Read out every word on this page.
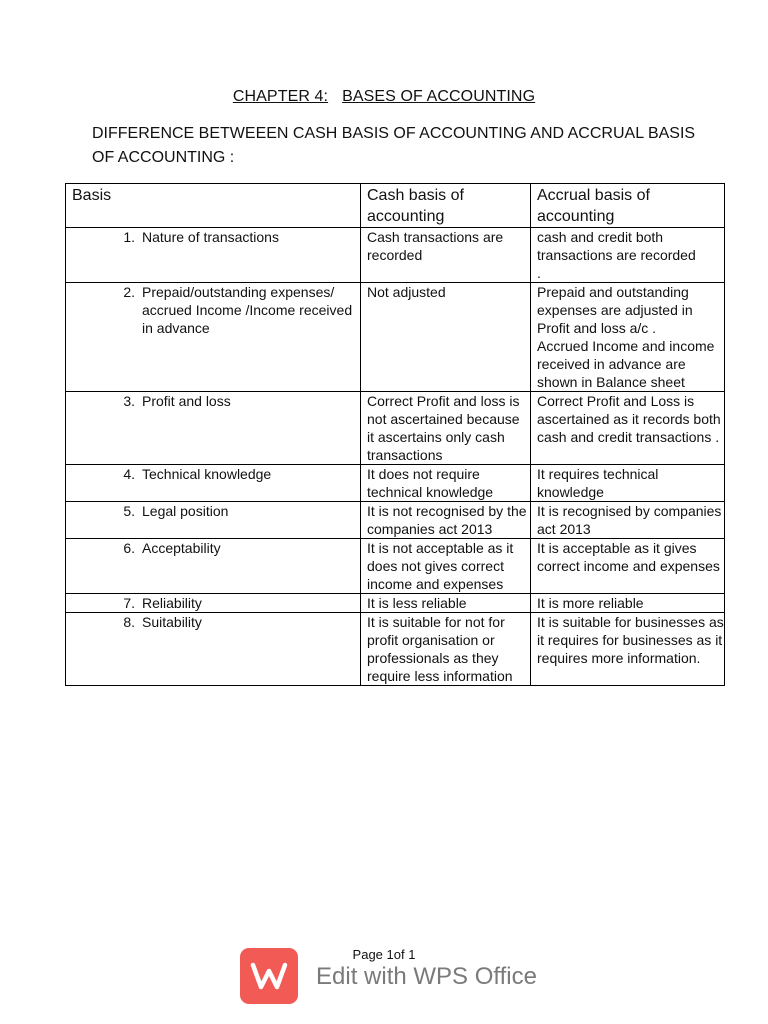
CHAPTER 4: BASES OF ACCOUNTING
DIFFERENCE BETWEEEN CASH BASIS OF ACCOUNTING AND ACCRUAL BASIS OF ACCOUNTING :
Basis	Cash basis of accounting	Accrual basis of accounting

1. Nature of transactions	Cash transactions are recorded	cash and credit both transactions are recorded
.

2. Prepaid/outstanding expenses/ accrued Income /Income received in advance	Not adjusted	Prepaid and outstanding expenses are adjusted in Profit and loss a/c .
Accrued Income and income received in advance are shown in Balance sheet

3. Profit and loss	Correct Profit and loss is not ascertained because it ascertains only cash transactions	Correct Profit and Loss is ascertained as it records both cash and credit transactions .

4. Technical knowledge	It does not require technical knowledge	It requires technical knowledge

5. Legal position	It is not recognised by the companies act 2013	It is recognised by companies act 2013

6. Acceptability	It is not acceptable as it does not gives correct income and expenses	It is acceptable as it gives correct income and expenses

7. Reliability	It is less reliable	It is more reliable

8. Suitability	It is suitable for not for profit organisation or professionals as they require less information	It is suitable for businesses as it requires for businesses as it requires more information.
Page 1of 1
Edit with WPS Office
